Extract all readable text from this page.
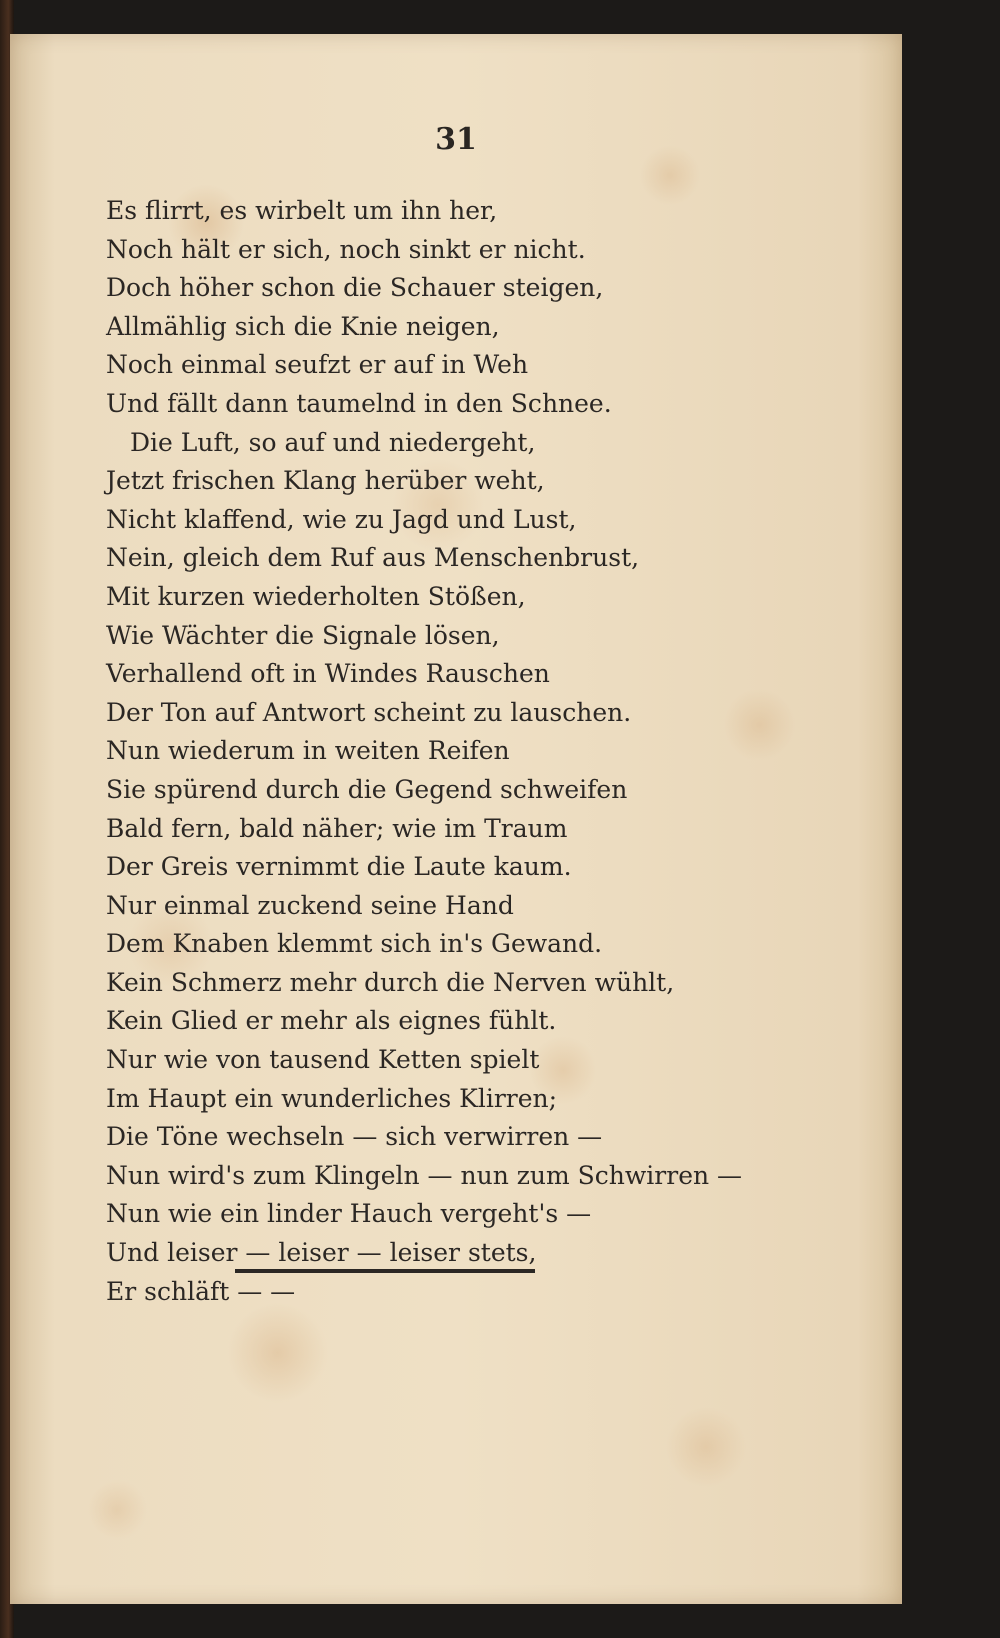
31
Es flirrt, es wirbelt um ihn her,
Noch hält er sich, noch sinkt er nicht.
Doch höher schon die Schauer steigen,
Allmählig sich die Knie neigen,
Noch einmal seufzt er auf in Weh
Und fällt dann taumelnd in den Schnee.
Die Luft, so auf und niedergeht,
Jetzt frischen Klang herüber weht,
Nicht klaffend, wie zu Jagd und Lust,
Nein, gleich dem Ruf aus Menschenbrust,
Mit kurzen wiederholten Stößen,
Wie Wächter die Signale lösen,
Verhallend oft in Windes Rauschen
Der Ton auf Antwort scheint zu lauschen.
Nun wiederum in weiten Reifen
Sie spürend durch die Gegend schweifen
Bald fern, bald näher; wie im Traum
Der Greis vernimmt die Laute kaum.
Nur einmal zuckend seine Hand
Dem Knaben klemmt sich in's Gewand.
Kein Schmerz mehr durch die Nerven wühlt,
Kein Glied er mehr als eignes fühlt.
Nur wie von tausend Ketten spielt
Im Haupt ein wunderliches Klirren;
Die Töne wechseln — sich verwirren —
Nun wird's zum Klingeln — nun zum Schwirren —
Nun wie ein linder Hauch vergeht's —
Und leiser — leiser — leiser stets,
Er schläft — —
